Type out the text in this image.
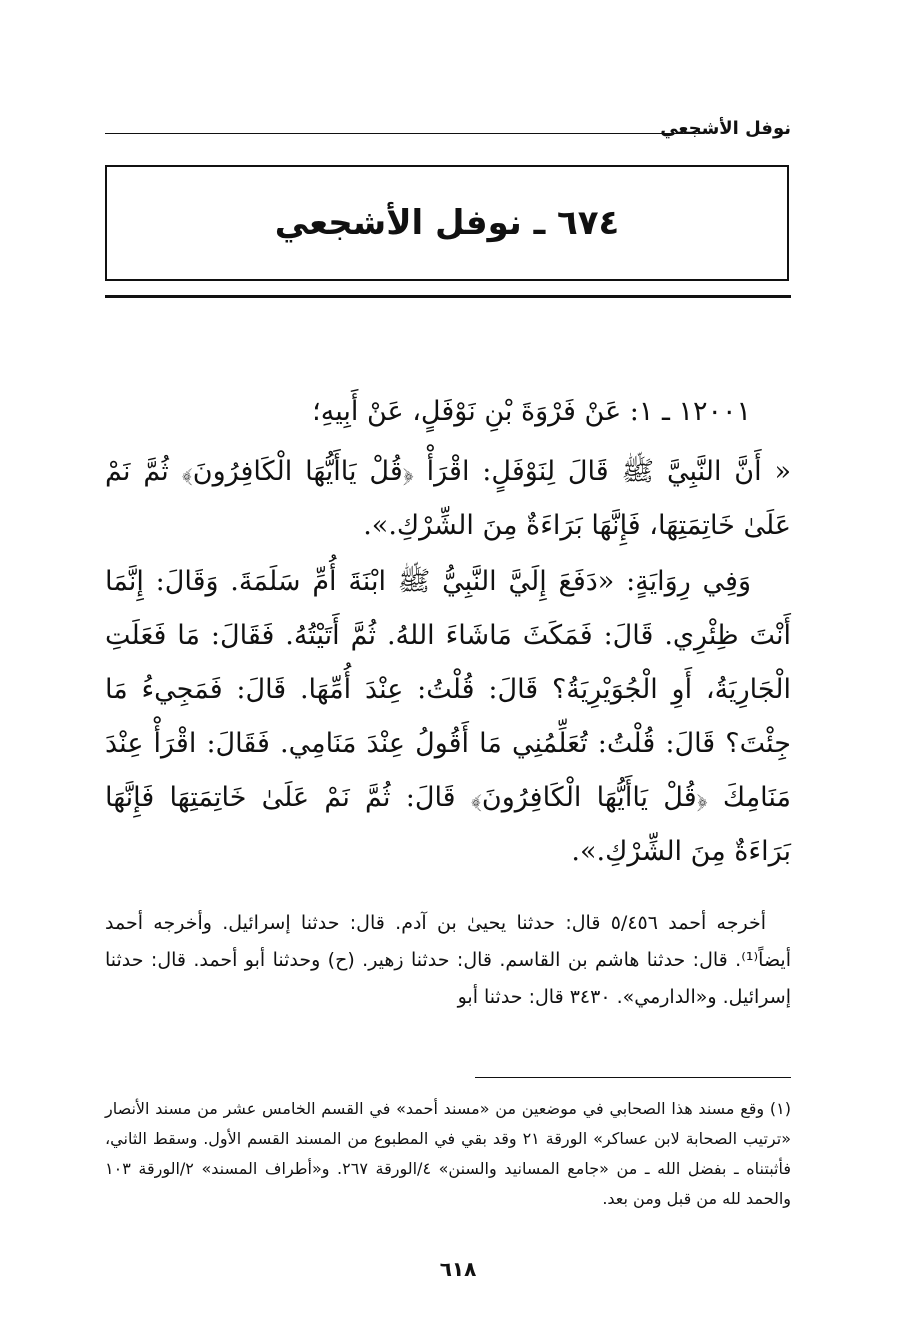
نوفل الأشجعي
٦٧٤ ـ نوفل الأشجعي

١٢٠٠١ ـ ١: عَنْ فَرْوَةَ بْنِ نَوْفَلٍ، عَنْ أَبِيهِ؛

« أَنَّ النَّبِيَّ ﷺ قَالَ لِنَوْفَلٍ: اقْرَأْ ﴿قُلْ يَاأَيُّهَا الْكَافِرُونَ﴾ ثُمَّ نَمْ عَلَىٰ خَاتِمَتِهَا، فَإِنَّهَا بَرَاءَةٌ مِنَ الشِّرْكِ.».

وَفِي رِوَايَةٍ: «دَفَعَ إِلَيَّ النَّبِيُّ ﷺ ابْنَةَ أُمِّ سَلَمَةَ. وَقَالَ: إِنَّمَا أَنْتَ ظِئْرِي. قَالَ: فَمَكَثَ مَاشَاءَ اللهُ. ثُمَّ أَتَيْتُهُ. فَقَالَ: مَا فَعَلَتِ الْجَارِيَةُ، أَوِ الْجُوَيْرِيَةُ؟ قَالَ: قُلْتُ: عِنْدَ أُمِّهَا. قَالَ: فَمَجِيءُ مَا جِئْتَ؟ قَالَ: قُلْتُ: تُعَلِّمُنِي مَا أَقُولُ عِنْدَ مَنَامِي. فَقَالَ: اقْرَأْ عِنْدَ مَنَامِكَ ﴿قُلْ يَاأَيُّهَا الْكَافِرُونَ﴾ قَالَ: ثُمَّ نَمْ عَلَىٰ خَاتِمَتِهَا فَإِنَّهَا بَرَاءَةٌ مِنَ الشِّرْكِ.».

أخرجه أحمد ٥/٤٥٦ قال: حدثنا يحيىٰ بن آدم. قال: حدثنا إسرائيل. وأخرجه أحمد أيضاً⁽¹⁾. قال: حدثنا هاشم بن القاسم. قال: حدثنا زهير. (ح) وحدثنا أبو أحمد. قال: حدثنا إسرائيل. و«الدارمي». ٣٤٣٠ قال: حدثنا أبو

(١) وقع مسند هذا الصحابي في موضعين من «مسند أحمد» في القسم الخامس عشر من مسند الأنصار «ترتيب الصحابة لابن عساكر» الورقة ٢١ وقد بقي في المطبوع من المسند القسم الأول. وسقط الثاني، فأثبتناه ـ بفضل الله ـ من «جامع المسانيد والسنن» ٤/الورقة ٢٦٧. و«أطراف المسند» ٢/الورقة ١٠٣ والحمد لله من قبل ومن بعد.

٦١٨
